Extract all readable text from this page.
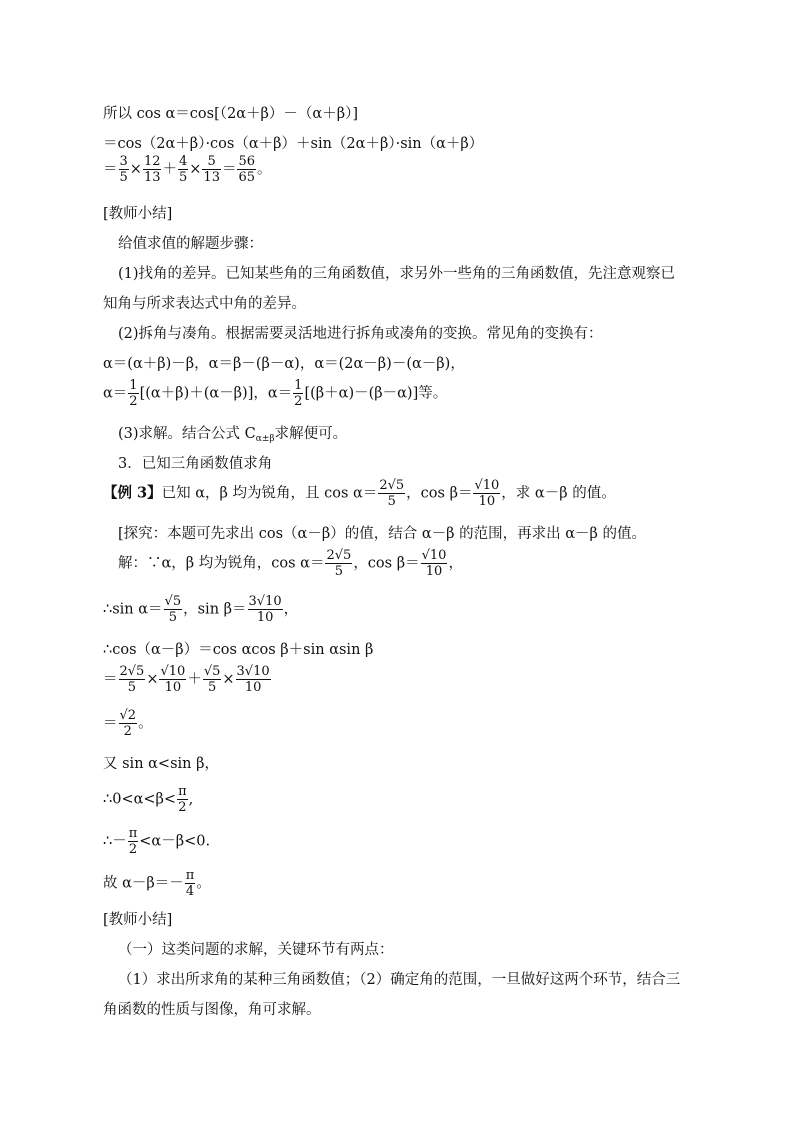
所以 cos α＝cos[（2α＋β）－（α＋β）]
＝cos（2α＋β）·cos（α＋β）＋sin（2α＋β）·sin（α＋β）
＝ $\frac{3}{5} \times \frac{12}{13} + \frac{4}{5} \times \frac{5}{13} = \frac{56}{65}$ 。
[教师小结]
给值求值的解题步骤：
(1)找角的差异。已知某些角的三角函数值，求另外一些角的三角函数值，先注意观察已
知角与所求表达式中角的差异。
(2)拆角与凑角。根据需要灵活地进行拆角或凑角的变换。常见角的变换有：
α＝(α＋β)－β，α＝β－(β－α)，α＝(2α－β)－(α－β)，
$\alpha= \frac{1}{2} [(\alpha+\beta)+(\alpha-\beta)]$，$\alpha= \frac{1}{2} [(\beta+\alpha)-(\beta-\alpha)]$等。
(3)求解。结合公式 $C_{\alpha\pm\beta}$求解便可。
3．已知三角函数值求角
【例 3】已知 α，β 均为锐角，且 $\cos \alpha= \frac{2√5}{5}$ ，$\cos \beta= \frac{√10}{10}$ ，求 α－β 的值。
[探究：本题可先求出 cos（α－β）的值，结合 α－β 的范围，再求出 α－β 的值。
解：∵α，β 均为锐角，$\cos \alpha= \frac{2√5}{5}$ ，$\cos \beta= \frac{√10}{10}$ ，
∴sin $\alpha= \frac{√5}{5}$ ，$\sin \beta= \frac{3√10}{10}$ ，
∴cos（α－β）＝cos αcos β＋sin αsin β
＝ $\frac{2√5}{5} \times \frac{√10}{10} + \frac{√5}{5} \times \frac{3√10}{10}$
＝ $\frac{√2}{2}$ 。
又 sin α<sin β，
∴0<α<β< $\frac{\pi}{2}$ ,
∴－ $\frac{\pi}{2} <\alpha-\beta<0$.
故 $\alpha-\beta=- \frac{\pi}{4}$ 。
[教师小结]
（一）这类问题的求解，关键环节有两点：
（1）求出所求角的某种三角函数值；（2）确定角的范围，一旦做好这两个环节，结合三
角函数的性质与图像，角可求解。
